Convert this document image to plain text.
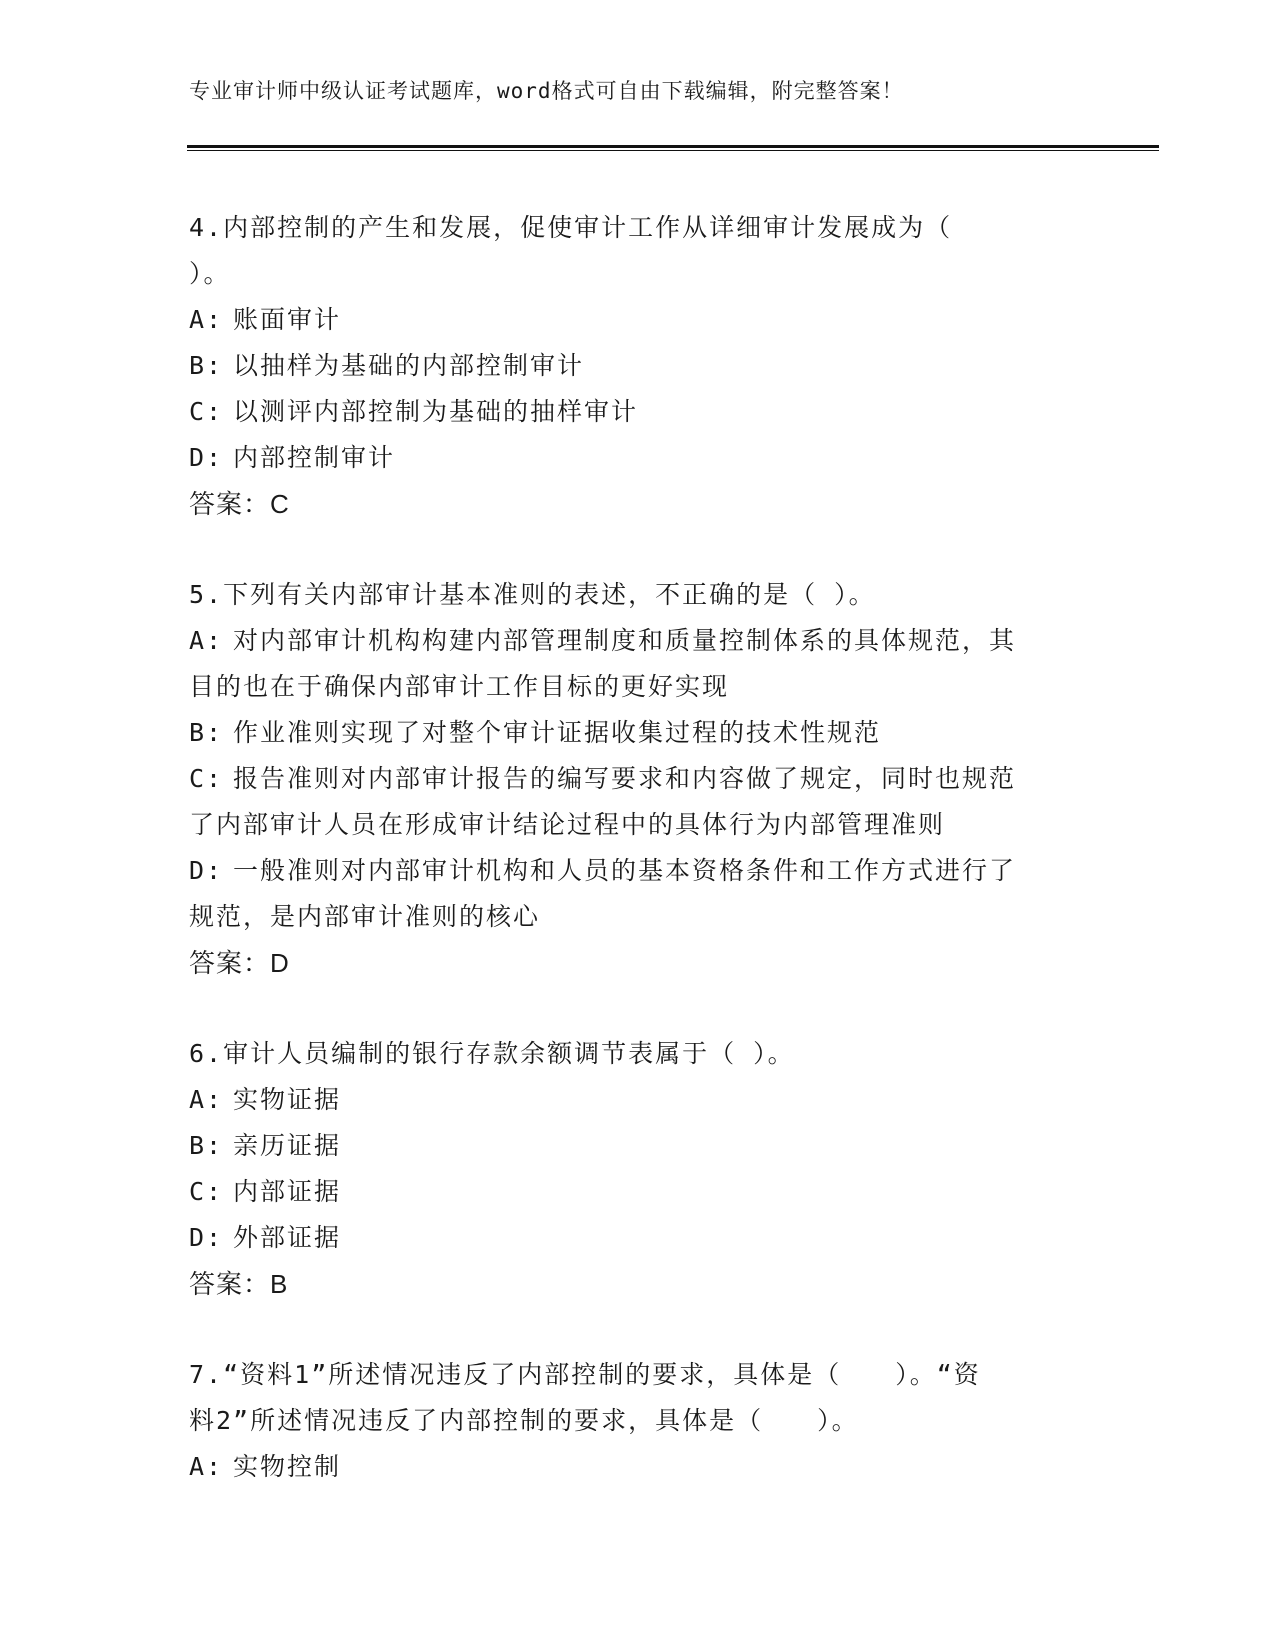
专业审计师中级认证考试题库，word格式可自由下载编辑，附完整答案！
4.内部控制的产生和发展，促使审计工作从详细审计发展成为（
）。
A: 账面审计
B: 以抽样为基础的内部控制审计
C: 以测评内部控制为基础的抽样审计
D: 内部控制审计
答案：C
5.下列有关内部审计基本准则的表述，不正确的是（ ）。
A: 对内部审计机构构建内部管理制度和质量控制体系的具体规范，其
目的也在于确保内部审计工作目标的更好实现
B: 作业准则实现了对整个审计证据收集过程的技术性规范
C: 报告准则对内部审计报告的编写要求和内容做了规定，同时也规范
了内部审计人员在形成审计结论过程中的具体行为内部管理准则
D: 一般准则对内部审计机构和人员的基本资格条件和工作方式进行了
规范，是内部审计准则的核心
答案：D
6.审计人员编制的银行存款余额调节表属于（ ）。
A: 实物证据
B: 亲历证据
C: 内部证据
D: 外部证据
答案：B
7.“资料1”所述情况违反了内部控制的要求，具体是（　　）。“资
料2”所述情况违反了内部控制的要求，具体是（　　）。
A: 实物控制
